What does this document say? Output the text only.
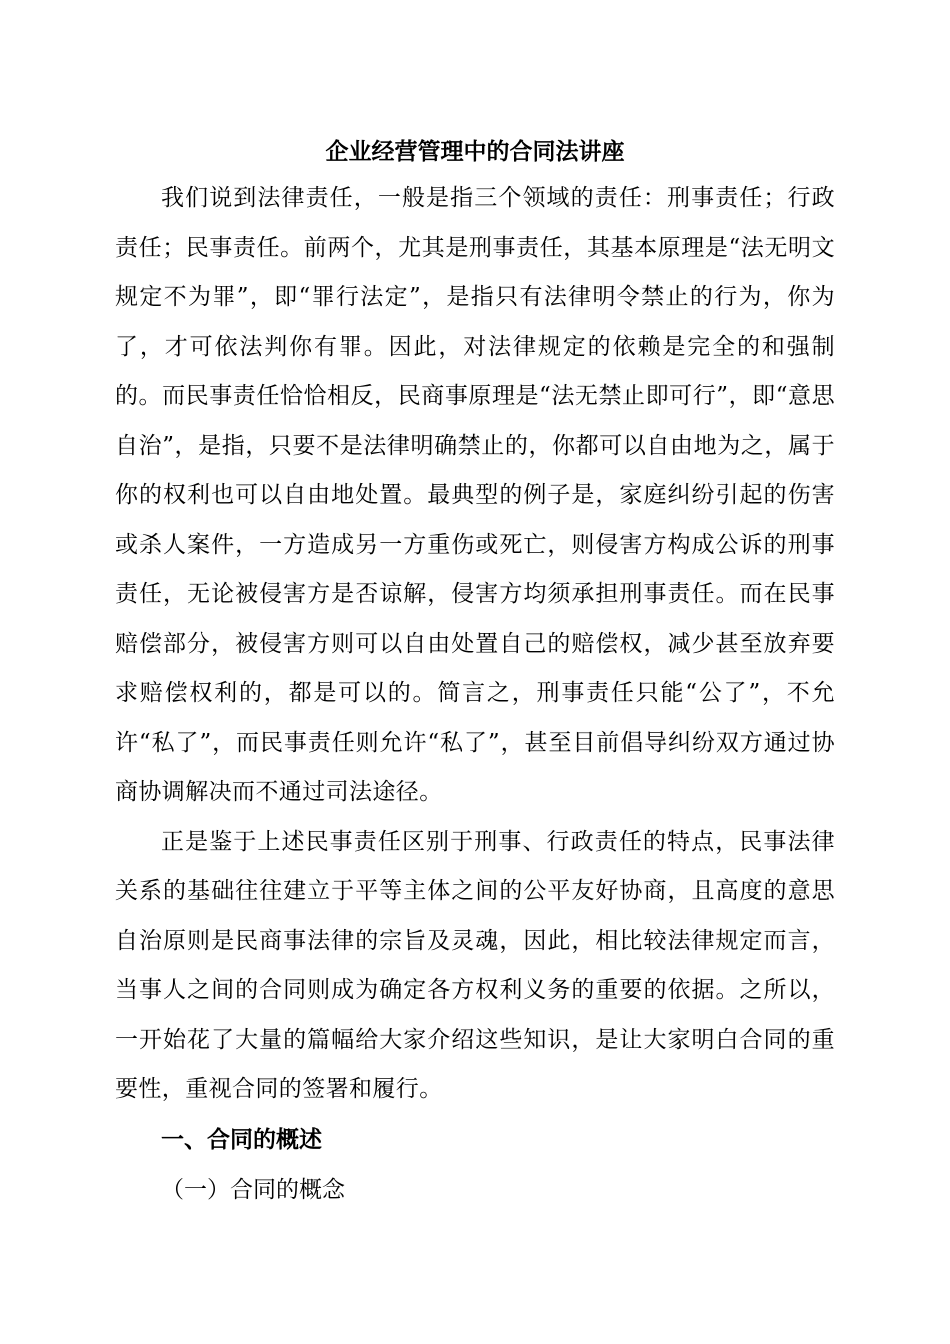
企业经营管理中的合同法讲座

我们说到法律责任，一般是指三个领域的责任：刑事责任；行政责任；民事责任。前两个，尤其是刑事责任，其基本原理是“法无明文规定不为罪”，即“罪行法定”，是指只有法律明令禁止的行为，你为了，才可依法判你有罪。因此，对法律规定的依赖是完全的和强制的。而民事责任恰恰相反，民商事原理是“法无禁止即可行”，即“意思自治”，是指，只要不是法律明确禁止的，你都可以自由地为之，属于你的权利也可以自由地处置。最典型的例子是，家庭纠纷引起的伤害或杀人案件，一方造成另一方重伤或死亡，则侵害方构成公诉的刑事责任，无论被侵害方是否谅解，侵害方均须承担刑事责任。而在民事赔偿部分，被侵害方则可以自由处置自己的赔偿权，减少甚至放弃要求赔偿权利的，都是可以的。简言之，刑事责任只能“公了”，不允许“私了”，而民事责任则允许“私了”，甚至目前倡导纠纷双方通过协商协调解决而不通过司法途径。

正是鉴于上述民事责任区别于刑事、行政责任的特点，民事法律关系的基础往往建立于平等主体之间的公平友好协商，且高度的意思自治原则是民商事法律的宗旨及灵魂，因此，相比较法律规定而言，当事人之间的合同则成为确定各方权利义务的重要的依据。之所以，一开始花了大量的篇幅给大家介绍这些知识，是让大家明白合同的重要性，重视合同的签署和履行。

一、合同的概述

（一）合同的概念
